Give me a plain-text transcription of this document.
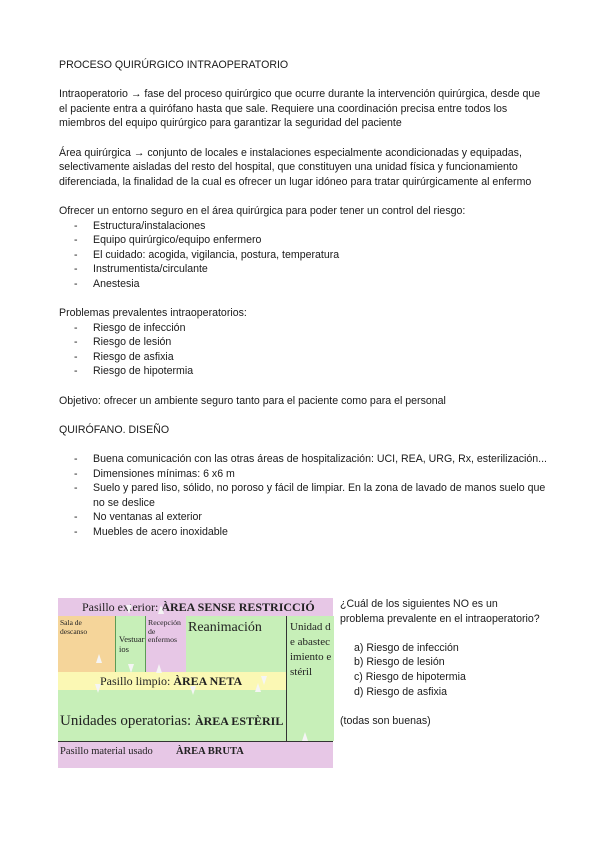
PROCESO QUIRÚRGICO INTRAOPERATORIO

Intraoperatorio → fase del proceso quirúrgico que ocurre durante la intervención quirúrgica, desde que el paciente entra a quirófano hasta que sale. Requiere una coordinación precisa entre todos los miembros del equipo quirúrgico para garantizar la seguridad del paciente

Área quirúrgica → conjunto de locales e instalaciones especialmente acondicionadas y equipadas, selectivamente aisladas del resto del hospital, que constituyen una unidad física y funcionamiento diferenciada, la finalidad de la cual es ofrecer un lugar idóneo para tratar quirúrgicamente al enfermo

Ofrecer un entorno seguro en el área quirúrgica para poder tener un control del riesgo:

- Estructura/instalaciones
- Equipo quirúrgico/equipo enfermero
- El cuidado: acogida, vigilancia, postura, temperatura
- Instrumentista/circulante
- Anestesia

Problemas prevalentes intraoperatorios:

- Riesgo de infección
- Riesgo de lesión
- Riesgo de asfixia
- Riesgo de hipotermia

Objetivo: ofrecer un ambiente seguro tanto para el paciente como para el personal

QUIRÓFANO. DISEÑO

- Buena comunicación con las otras áreas de hospitalización: UCI, REA, URG, Rx, esterilización...
- Dimensiones mínimas: 6 x6 m
- Suelo y pared liso, sólido, no poroso y fácil de limpiar. En la zona de lavado de manos suelo que no se deslice
- No ventanas al exterior
- Muebles de acero inoxidable
Pasillo exterior: ÀREA SENSE RESTRICCIÓ
Sala de descanso
Vestuarios
Recepción de enfermos
Reanimación	Unidad de abastecimiento estéril
Pasillo limpio: ÀREA NETA
Unidades operatorias: ÀREA ESTÈRIL
Pasillo material usado ÀREA BRUTA

¿Cuál de los siguientes NO es un problema prevalente en el intraoperatorio?

a) Riesgo de infección
b) Riesgo de lesión
c) Riesgo de hipotermia
d) Riesgo de asfixia

(todas son buenas)
